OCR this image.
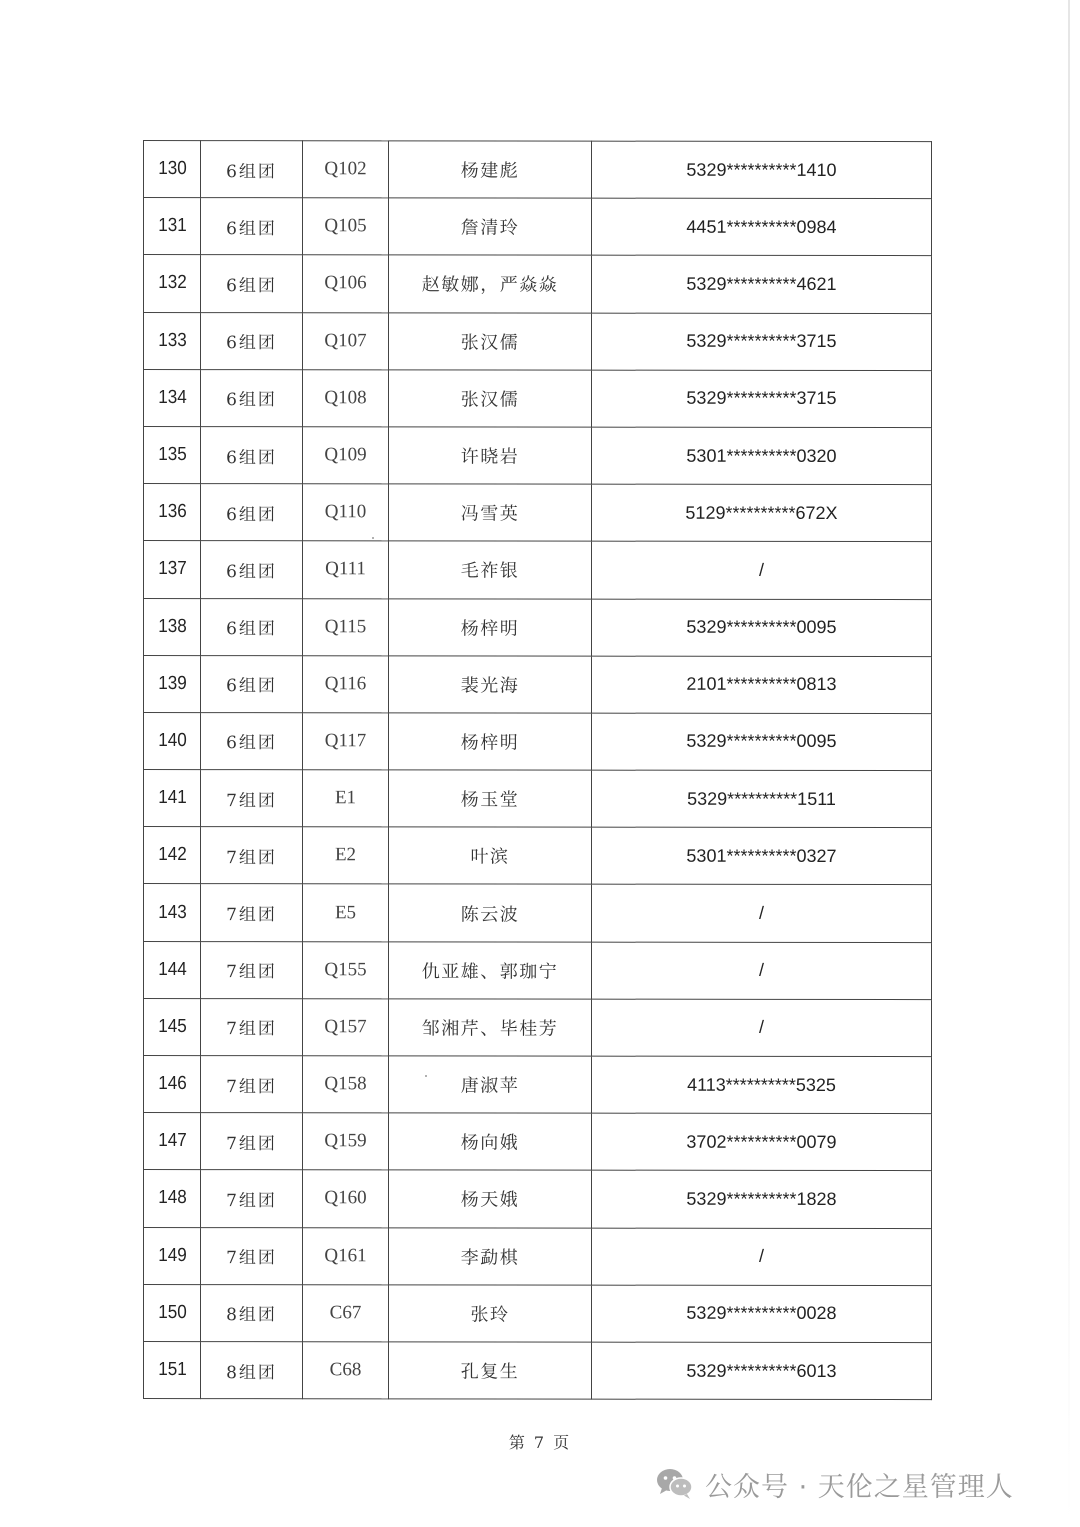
130	6组团	Q102	杨建彪	5329**********1410
131	6组团	Q105	詹清玲	4451**********0984
132	6组团	Q106	赵敏娜，严焱焱	5329**********4621
133	6组团	Q107	张汉儒	5329**********3715
134	6组团	Q108	张汉儒	5329**********3715
135	6组团	Q109	许晓岩	5301**********0320
136	6组团	Q110	冯雪英	5129**********672X
137	6组团	Q111	毛祚银	/
138	6组团	Q115	杨梓明	5329**********0095
139	6组团	Q116	裴光海	2101**********0813
140	6组团	Q117	杨梓明	5329**********0095
141	7组团	E1	杨玉堂	5329**********1511
142	7组团	E2	叶滨	5301**********0327
143	7组团	E5	陈云波	/
144	7组团	Q155	仇亚雄、郭珈宁	/
145	7组团	Q157	邹湘芹、毕桂芳	/
146	7组团	Q158	唐淑苹	4113**********5325
147	7组团	Q159	杨向娥	3702**********0079
148	7组团	Q160	杨天娥	5329**********1828
149	7组团	Q161	李勐棋	/
150	8组团	C67	张玲	5329**********0028
151	8组团	C68	孔复生	5329**********6013
第 7 页
公众号 · 天伦之星管理人
